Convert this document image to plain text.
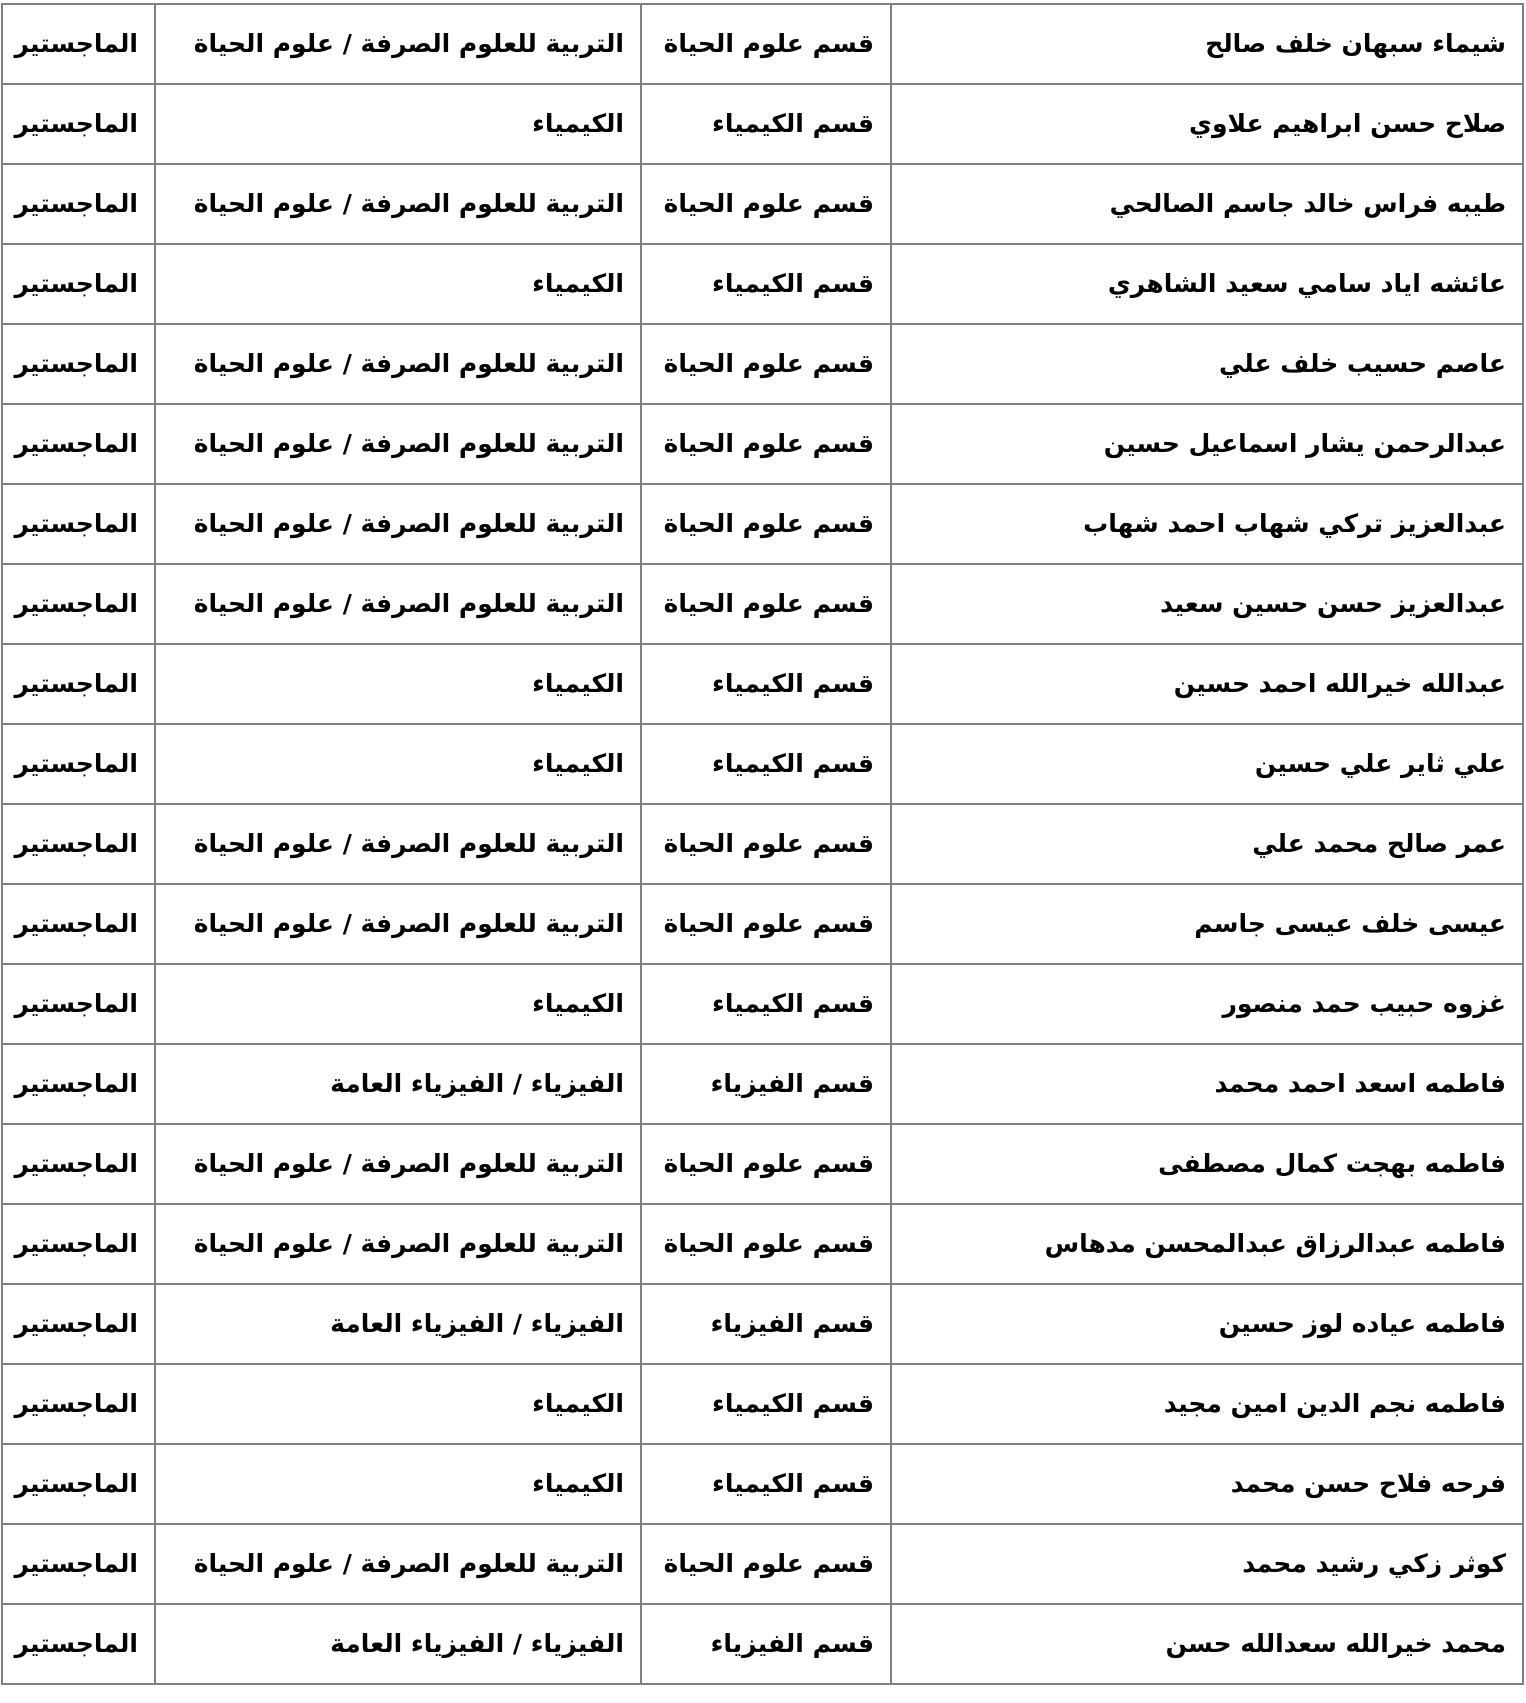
شيماء سبهان خلف صالح	قسم علوم الحياة	التربية للعلوم الصرفة / علوم الحياة	الماجستير
صلاح حسن ابراهيم علاوي	قسم الكيمياء	الكيمياء	الماجستير
طيبه فراس خالد جاسم الصالحي	قسم علوم الحياة	التربية للعلوم الصرفة / علوم الحياة	الماجستير
عائشه اياد سامي سعيد الشاهري	قسم الكيمياء	الكيمياء	الماجستير
عاصم حسيب خلف علي	قسم علوم الحياة	التربية للعلوم الصرفة / علوم الحياة	الماجستير
عبدالرحمن يشار اسماعيل حسين	قسم علوم الحياة	التربية للعلوم الصرفة / علوم الحياة	الماجستير
عبدالعزيز تركي شهاب احمد شهاب	قسم علوم الحياة	التربية للعلوم الصرفة / علوم الحياة	الماجستير
عبدالعزيز حسن حسين سعيد	قسم علوم الحياة	التربية للعلوم الصرفة / علوم الحياة	الماجستير
عبدالله خيرالله احمد حسين	قسم الكيمياء	الكيمياء	الماجستير
علي ثاير علي حسين	قسم الكيمياء	الكيمياء	الماجستير
عمر صالح محمد علي	قسم علوم الحياة	التربية للعلوم الصرفة / علوم الحياة	الماجستير
عيسى خلف عيسى جاسم	قسم علوم الحياة	التربية للعلوم الصرفة / علوم الحياة	الماجستير
غزوه حبيب حمد منصور	قسم الكيمياء	الكيمياء	الماجستير
فاطمه اسعد احمد محمد	قسم الفيزياء	الفيزياء / الفيزياء العامة	الماجستير
فاطمه بهجت كمال مصطفى	قسم علوم الحياة	التربية للعلوم الصرفة / علوم الحياة	الماجستير
فاطمه عبدالرزاق عبدالمحسن مدهاس	قسم علوم الحياة	التربية للعلوم الصرفة / علوم الحياة	الماجستير
فاطمه عياده لوز حسين	قسم الفيزياء	الفيزياء / الفيزياء العامة	الماجستير
فاطمه نجم الدين امين مجيد	قسم الكيمياء	الكيمياء	الماجستير
فرحه فلاح حسن محمد	قسم الكيمياء	الكيمياء	الماجستير
كوثر زكي رشيد محمد	قسم علوم الحياة	التربية للعلوم الصرفة / علوم الحياة	الماجستير
محمد خيرالله سعدالله حسن	قسم الفيزياء	الفيزياء / الفيزياء العامة	الماجستير
